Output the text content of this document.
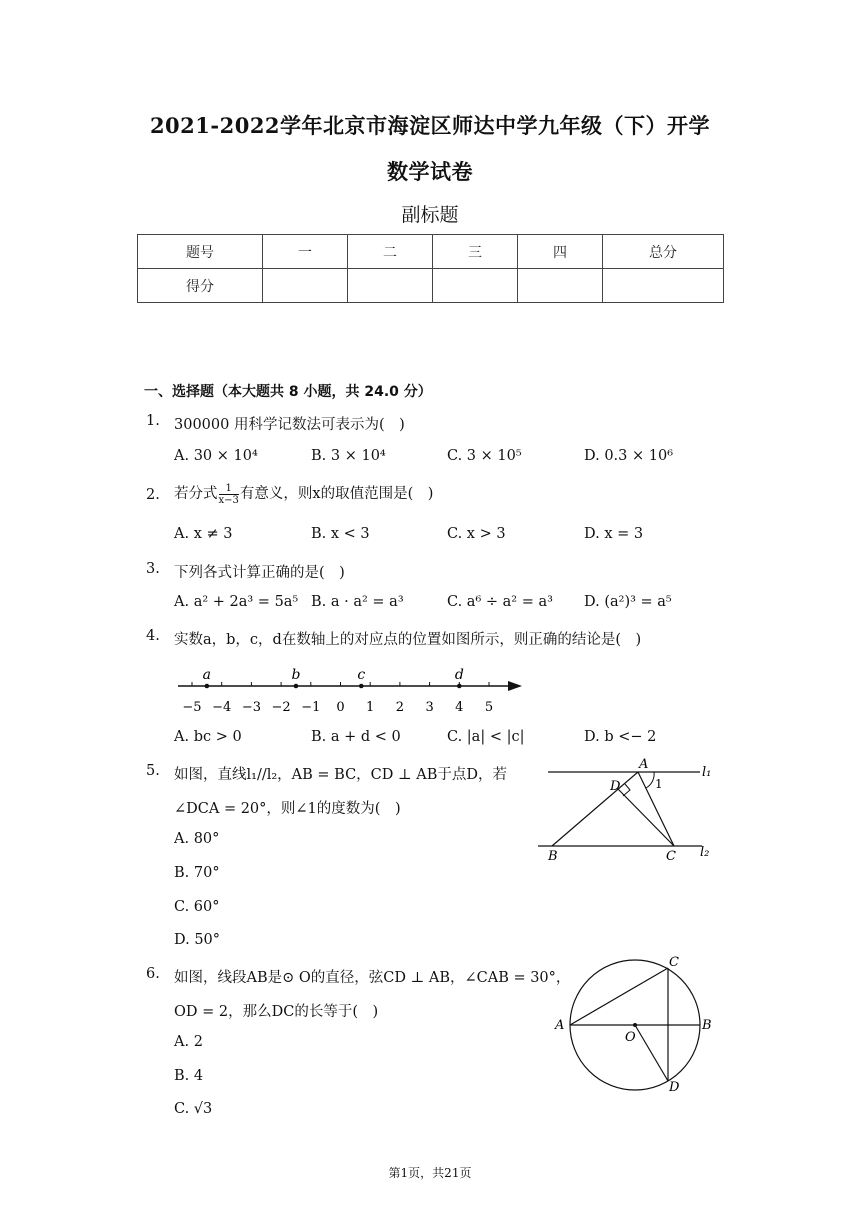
2021-2022学年北京市海淀区师达中学九年级（下）开学
数学试卷
副标题
题号	一	二	三	四	总分
得分					
一、选择题（本大题共 8 小题，共 24.0 分）
1. 300000 用科学记数法可表示为(　)
A. 30 × 10⁴	B. 3 × 10⁴	C. 3 × 10⁵	D. 0.3 × 10⁶
2. 若分式 $\frac{1}{x-3}$ 有意义，则x的取值范围是(　)
A. x ≠ 3	B. x < 3	C. x > 3	D. x = 3
3. 下列各式计算正确的是(　)
A. a² + 2a³ = 5a⁵ B. a · a² = a³	C. a⁶ ÷ a² = a³ D. (a²)³ = a⁵
4. 实数a，b，c，d在数轴上的对应点的位置如图所示，则正确的结论是(　)
−5 −4 −3 −2 −1 0 1 2 3 4 5
a	b	c	d
A. bc > 0	B. a + d < 0	C. |a| < |c|	D. b <− 2
5. 如图，直线l₁//l₂，AB = BC，CD ⊥ AB于点D，若
∠DCA = 20°，则∠1的度数为(　)
A. 80°
B. 70°
C. 60°
D. 50°
A
D	1
l₁
B	C l₂
6. 如图，线段AB是⊙ O的直径，弦CD ⊥ AB，∠CAB = 30°，
OD = 2，那么DC的长等于(　)
A. 2
B. 4
C. √3
C
A
O
B
D
第1页，共21页
